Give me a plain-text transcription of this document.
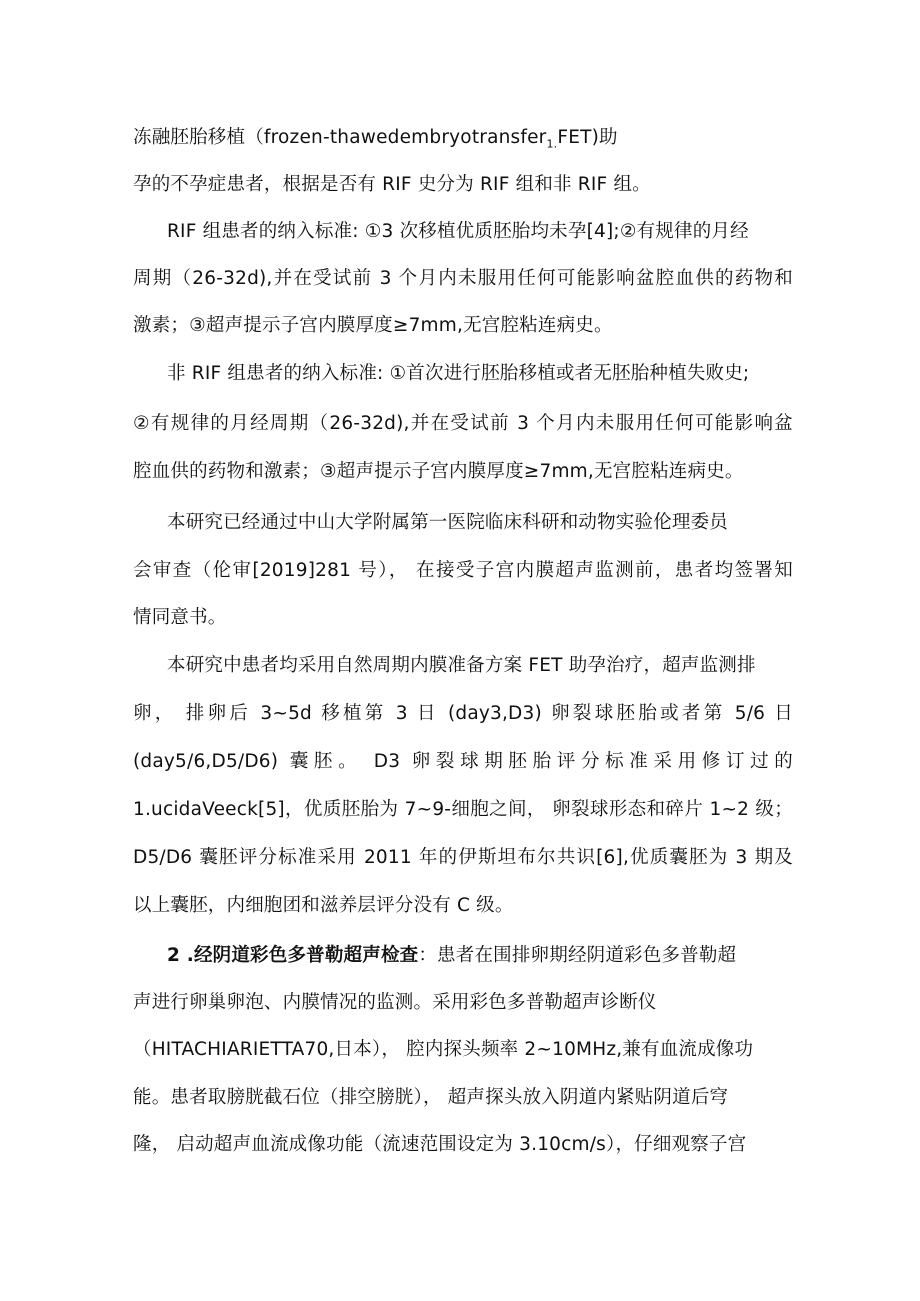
冻融胚胎移植（frozen-thawedembryotransfer$_{1.}$FET)助
孕的不孕症患者，根据是否有 RIF 史分为 RIF 组和非 RIF 组。
RIF 组患者的纳入标准: ①3 次移植优质胚胎均未孕[4];②有规律的月经
周期（26-32d),并在受试前 3 个月内未服用任何可能影响盆腔血供的药物和
激素；③超声提示子宫内膜厚度≥7mm,无宫腔粘连病史。
非 RIF 组患者的纳入标准: ①首次进行胚胎移植或者无胚胎种植失败史;
②有规律的月经周期（26-32d),并在受试前 3 个月内未服用任何可能影响盆
腔血供的药物和激素；③超声提示子宫内膜厚度≥7mm,无宫腔粘连病史。
本研究已经通过中山大学附属第一医院临床科研和动物实验伦理委员
会审查（伦审[2019]281 号）， 在接受子宫内膜超声监测前，患者均签署知
情同意书。
本研究中患者均采用自然周期内膜准备方案 FET 助孕治疗，超声监测排
卵， 排卵后 3~5d 移植第 3 日 (day3,D3) 卵裂球胚胎或者第 5/6 日
(day5/6,D5/D6) 囊胚。 D3 卵裂球期胚胎评分标准采用修订过的
1.ucidaVeeck[5]，优质胚胎为 7~9-细胞之间， 卵裂球形态和碎片 1~2 级；
D5/D6 囊胚评分标准采用 2011 年的伊斯坦布尔共识[6],优质囊胚为 3 期及
以上囊胚，内细胞团和滋养层评分没有 C 级。
2 .经阴道彩色多普勒超声检查：患者在围排卵期经阴道彩色多普勒超
声进行卵巢卵泡、内膜情况的监测。采用彩色多普勒超声诊断仪
（HITACHIARIETTA70,日本）， 腔内探头频率 2~10MHz,兼有血流成像功
能。患者取膀胱截石位（排空膀胱）， 超声探头放入阴道内紧贴阴道后穹
隆， 启动超声血流成像功能（流速范围设定为 3.10cm/s），仔细观察子宫
